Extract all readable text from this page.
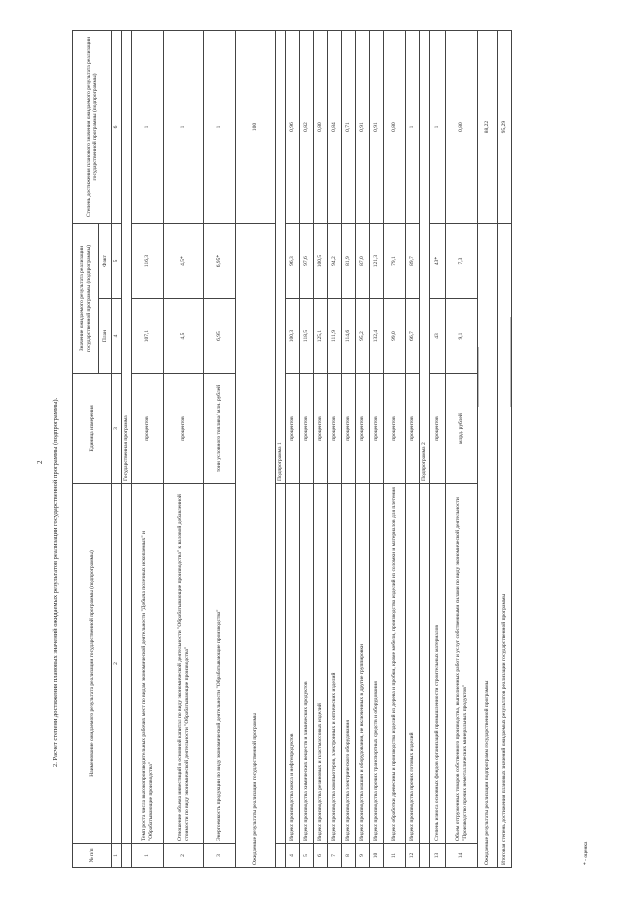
2 2. Расчет степени достижения плановых значений ожидаемых результатов реализации государственной программы (подпрограммы).
№ п/п	Наименование ожидаемого результата реализации государственной программы (подпрограммы)	Единица измерения	Значение ожидаемого результата реализации государственной программы (подпрограммы)		Степень достижения планового значения ожидаемого результата реализации государственной программы (подпрограммы)
			План	Факт	
1	2	3	4	5	6
		Государственная программа			
1	Темп роста числа высокопроизводительных рабочих мест по видам экономической деятельности "Добыча полезных ископаемых" и "Обрабатывающие производства"	процентов	107,1	116,3	1
2	Отношение объема инвестиций в основной капитал по виду экономической деятельности "Обрабатывающие производства" к валовой добавленной стоимости по виду экономической деятельности "Обрабатывающие производства"	процентов	4,5	4,5*	1
3	Энергоемкость продукции по виду экономической деятельности "Обрабатывающие производства"	тонн условного топлива/ млн. рублей	6,95	6,95*	1
Ожидаемые результаты реализации государственной программы					100
		Подпрограмма 1			
4	Индекс производства кокса и нефтепродуктов	процентов	100,3	96,3	0,96
5	Индекс производства химических веществ и химических продуктов	процентов	118,5	97,6	0,82
6	Индекс производства резиновых и пластмассовых изделий	процентов	125,1	100,5	0,80
7	Индекс производства компьютеров, электронных и оптических изделий	процентов	111,9	94,2	0,84
8	Индекс производства электрического оборудования	процентов	114,6	81,9	0,71
9	Индекс производства машин и оборудования, не включенных в другие группировки	процентов	95,2	87,0	0,91
10	Индекс производства прочих транспортных средств и оборудования	процентов	132,4	121,3	0,91
11	Индекс обработки древесины и производства изделий из дерева и пробки, кроме мебели, производства изделий из соломки и материалов для плетения	процентов	99,0	79,1	0,80
12	Индекс производства прочих готовых изделий	процентов	66,7	89,7	1
		Подпрограмма 2			
13	Степень износа основных фондов организаций промышленности строительных материалов	процентов	43	43*	1
14	Объем отгруженных товаров собственного производства, выполненных работ и услуг собственными силами по виду экономической деятельности "Производство прочих неметаллических минеральных продуктов"	млрд. рублей	9,1	7,3	0,80
Ожидаемые результаты реализации подпрограмм государственной программы					88,22
Итоговая степень достижения плановых значений ожидаемых результатов реализации государственной программы					95,29
* - оценка
